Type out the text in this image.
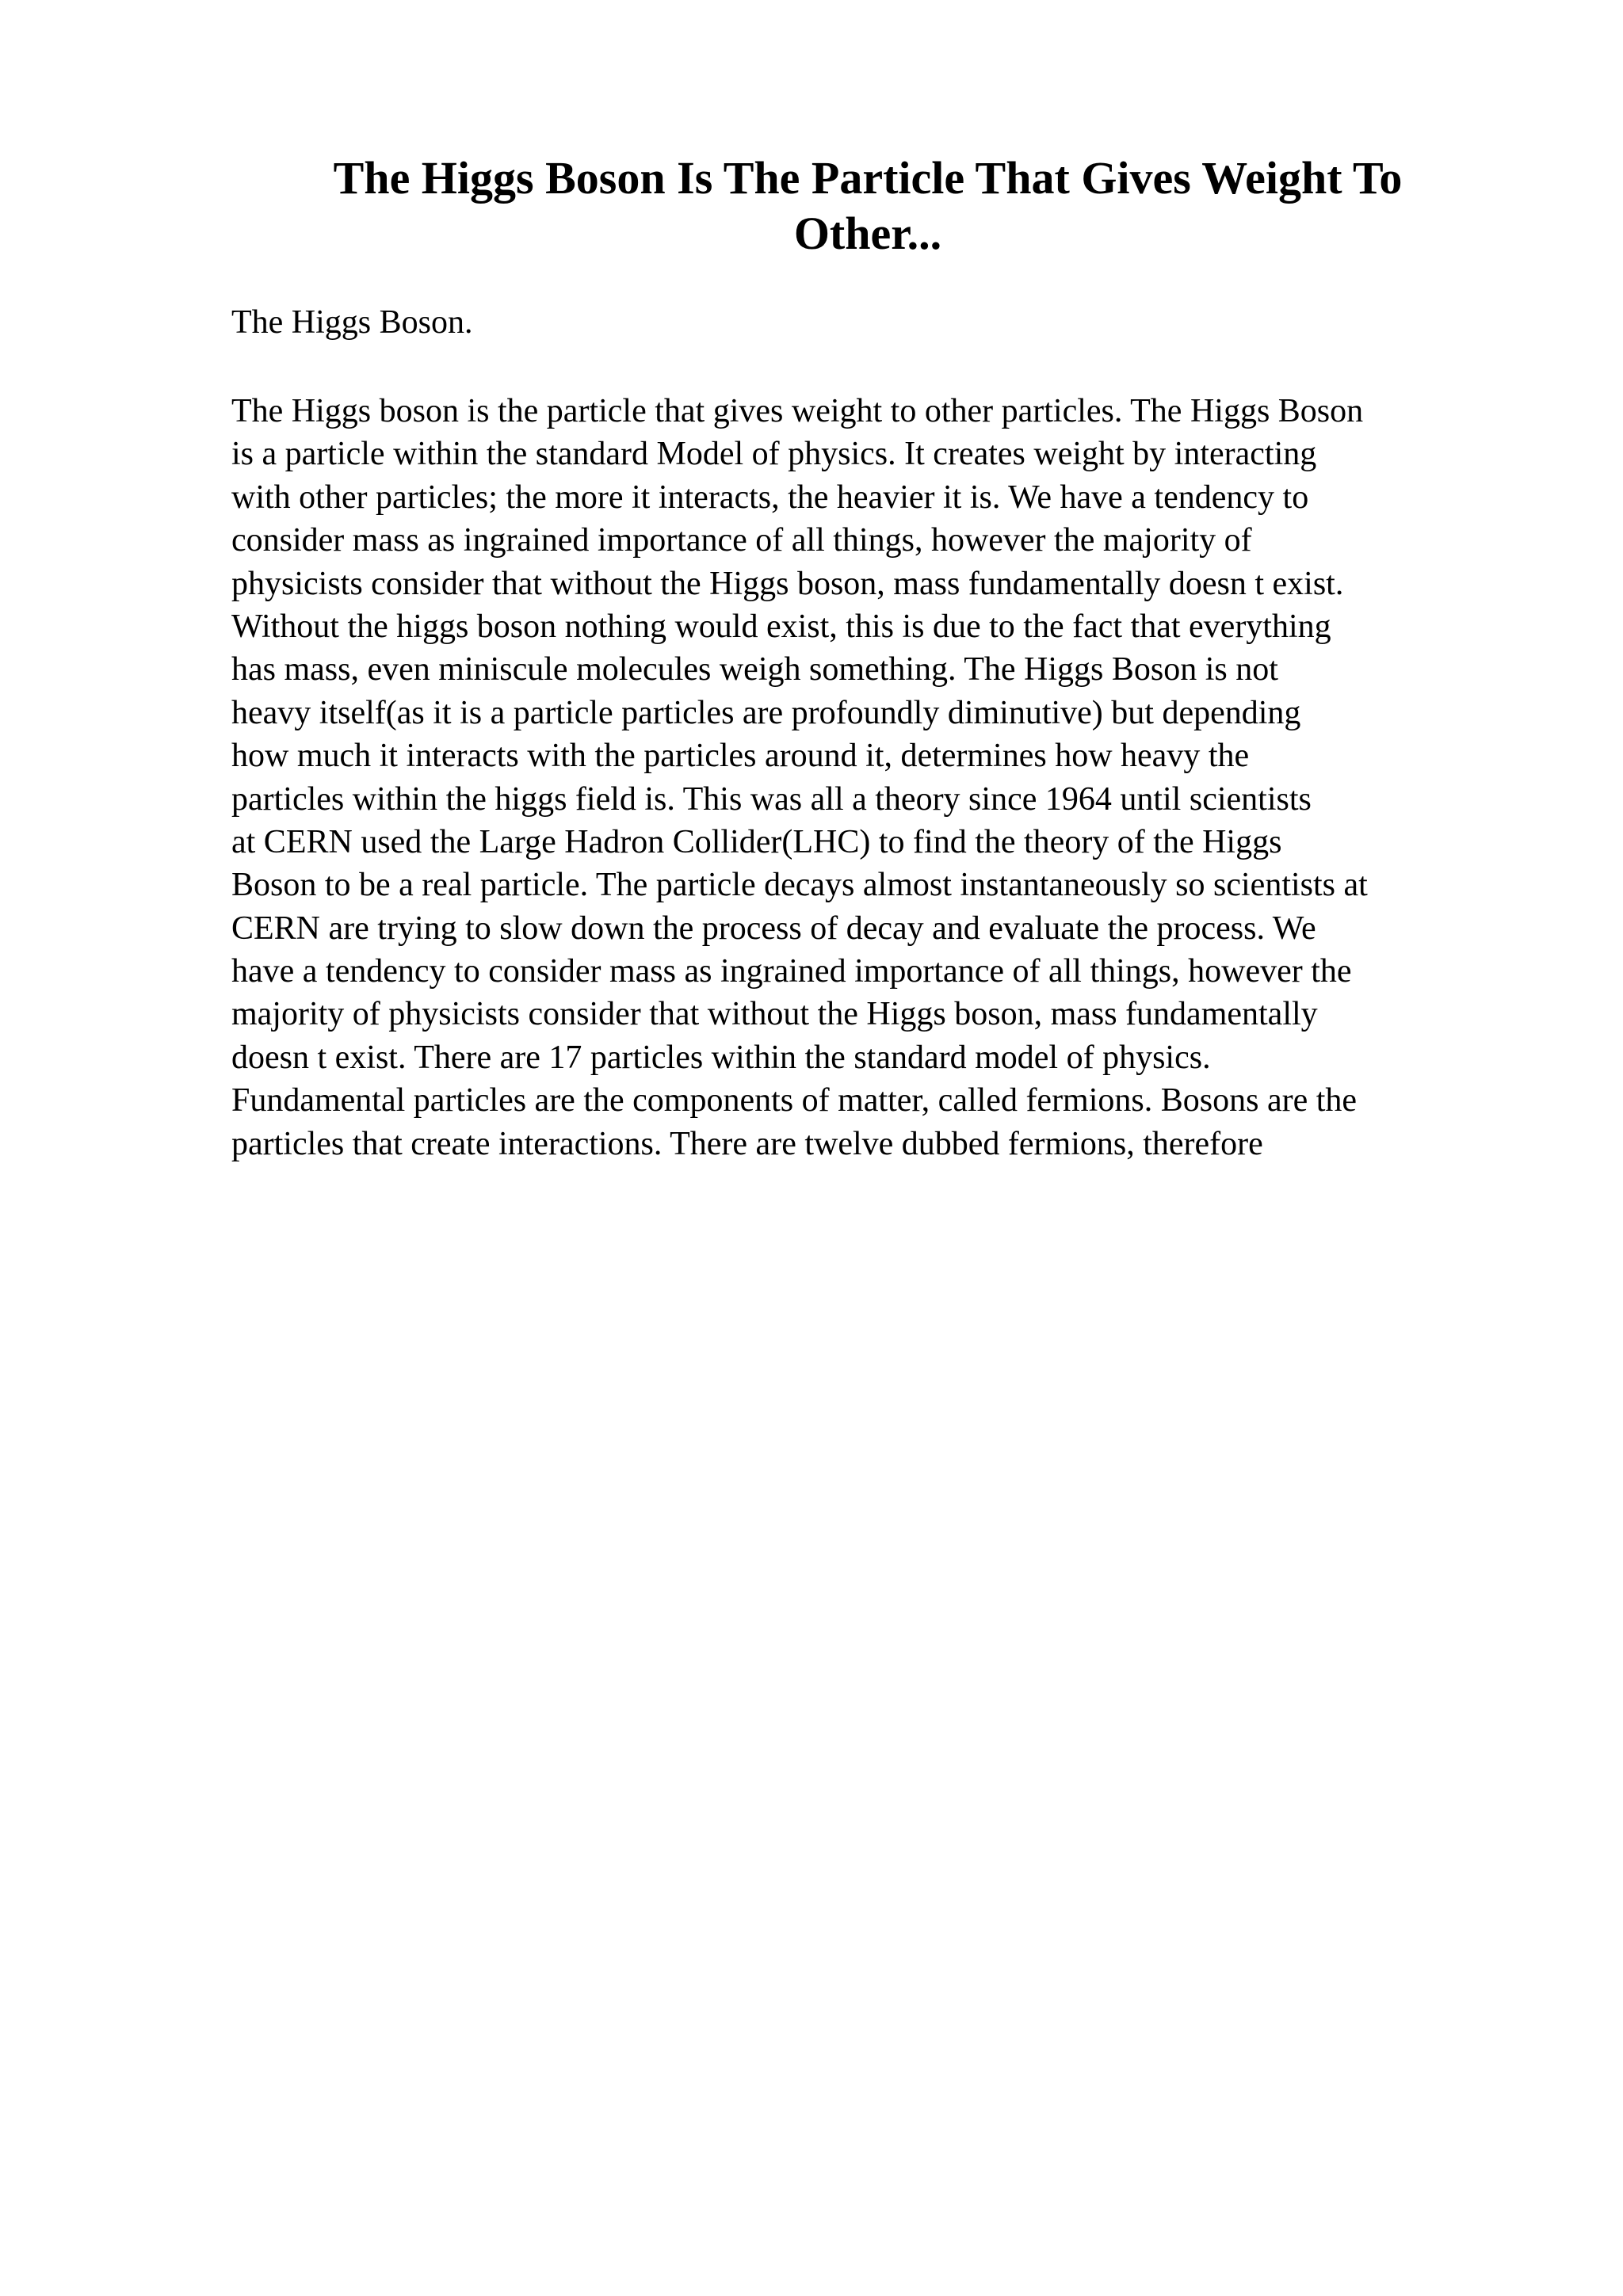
The Higgs Boson Is The Particle That Gives Weight To Other...

The Higgs Boson.

The Higgs boson is the particle that gives weight to other particles. The Higgs Boson
is a particle within the standard Model of physics. It creates weight by interacting
with other particles; the more it interacts, the heavier it is. We have a tendency to
consider mass as ingrained importance of all things, however the majority of
physicists consider that without the Higgs boson, mass fundamentally doesn t exist.
Without the higgs boson nothing would exist, this is due to the fact that everything
has mass, even miniscule molecules weigh something. The Higgs Boson is not
heavy itself(as it is a particle particles are profoundly diminutive) but depending
how much it interacts with the particles around it, determines how heavy the
particles within the higgs field is. This was all a theory since 1964 until scientists
at CERN used the Large Hadron Collider(LHC) to find the theory of the Higgs
Boson to be a real particle. The particle decays almost instantaneously so scientists at
CERN are trying to slow down the process of decay and evaluate the process. We
have a tendency to consider mass as ingrained importance of all things, however the
majority of physicists consider that without the Higgs boson, mass fundamentally
doesn t exist. There are 17 particles within the standard model of physics.
Fundamental particles are the components of matter, called fermions. Bosons are the
particles that create interactions. There are twelve dubbed fermions, therefore
